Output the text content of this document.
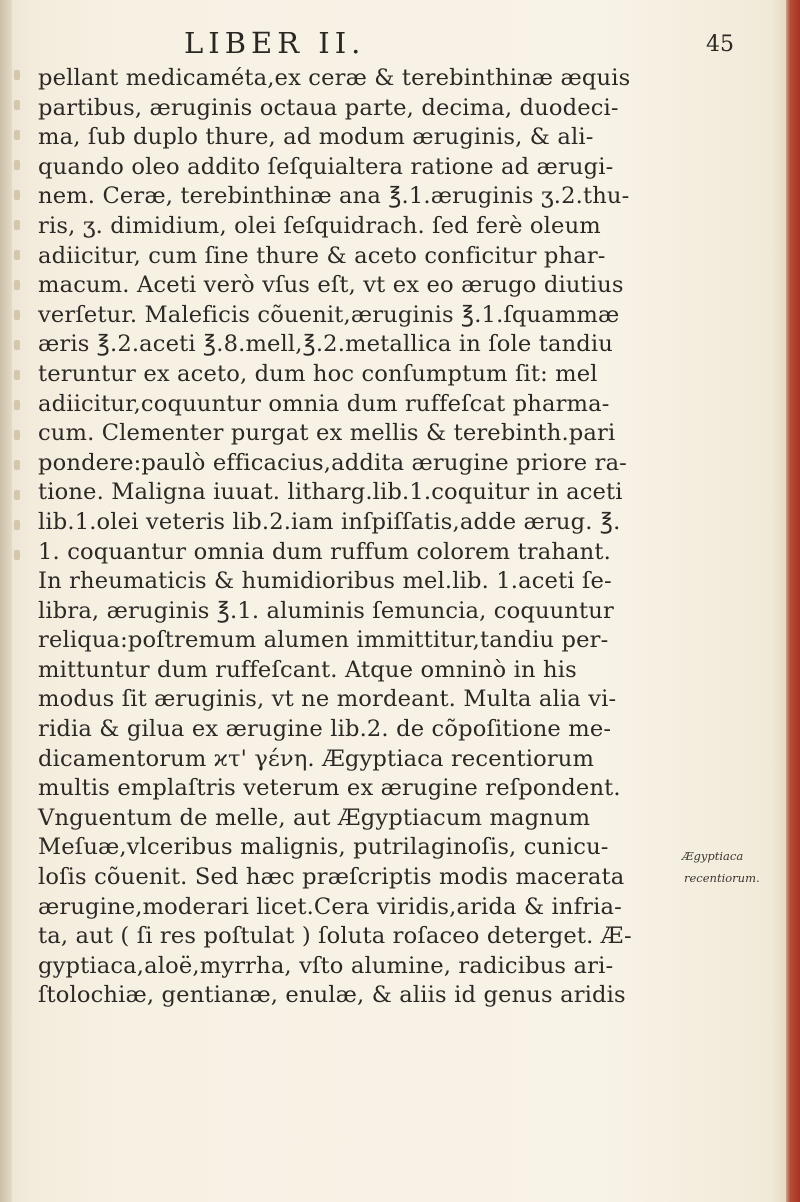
LIBER II.	45
pellant medicaméta,ex ceræ & terebinthinæ æquis
partibus, æruginis octaua parte, decima, duodeci-
ma, ſub duplo thure, ad modum æruginis, & ali-
quando oleo addito ſeſquialtera ratione ad ærugi-
nem. Ceræ, terebinthinæ ana ℥.1.æruginis ʒ.2.thu-
ris, ʒ. dimidium, olei ſeſquidrach. ſed ferè oleum
adiicitur, cum ſine thure & aceto conficitur phar-
macum. Aceti verò vſus eſt, vt ex eo ærugo diutius
verſetur. Maleficis cõuenit,æruginis ℥.1.ſquammæ
æris ℥.2.aceti ℥.8.mell,℥.2.metallica in ſole tandiu
teruntur ex aceto, dum hoc conſumptum ſit: mel
adiicitur,coquuntur omnia dum ruffeſcat pharma-
cum. Clementer purgat ex mellis & terebinth.pari
pondere:paulò efficacius,addita ærugine priore ra-
tione. Maligna iuuat. litharg.lib.1.coquitur in aceti
lib.1.olei veteris lib.2.iam inſpiſſatis,adde ærug. ℥.
1. coquantur omnia dum ruffum colorem trahant.
In rheumaticis & humidioribus mel.lib. 1.aceti ſe-
libra, æruginis ℥.1. aluminis ſemuncia, coquuntur
reliqua:poſtremum alumen immittitur,tandiu per-
mittuntur dum ruffeſcant. Atque omninò in his
modus ſit æruginis, vt ne mordeant. Multa alia vi-
ridia & gilua ex ærugine lib.2. de cõpoſitione me-
dicamentorum ϰτ' γένη. Ægyptiaca recentiorum
multis emplaſtris veterum ex ærugine reſpondent.
Vnguentum de melle, aut Ægyptiacum magnum
Meſuæ,vlceribus malignis, putrilaginoſis, cunicu-
loſis cõuenit. Sed hæc præſcriptis modis macerata
ærugine,moderari licet.Cera viridis,arida & infria-
ta, aut ( ſi res poſtulat ) ſoluta roſaceo deterget. Æ-
gyptiaca,aloë,myrrha, vſto alumine, radicibus ari-
ſtolochiæ, gentianæ, enulæ, & aliis id genus aridis
Ægyptiaca
recentiorum.
